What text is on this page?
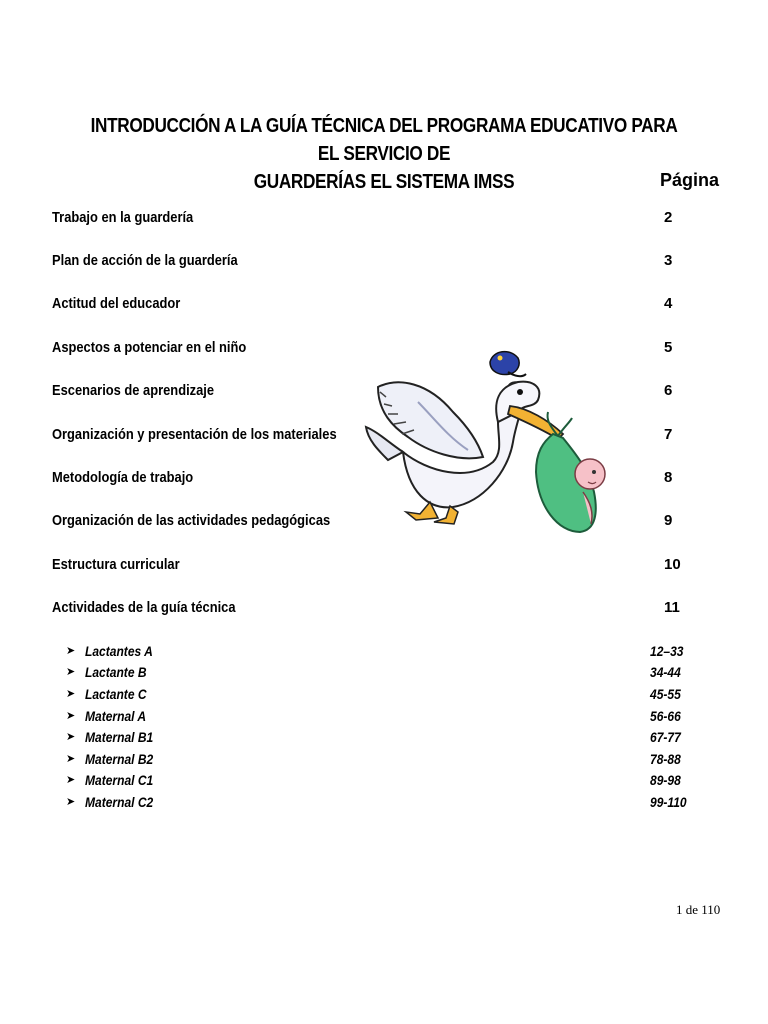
INTRODUCCIÓN A LA GUÍA TÉCNICA DEL PROGRAMA EDUCATIVO PARA EL SERVICIO DE
GUARDERÍAS EL SISTEMA IMSS	Página
Trabajo en la guardería	2
Plan de acción de la guardería	3
Actitud del educador	4
Aspectos a potenciar en el niño	5
Escenarios de aprendizaje	6
Organización y presentación de los materiales	7
Metodología de trabajo	8
Organización de las actividades pedagógicas	9
Estructura curricular	10
Actividades de la guía técnica	11
➤ Lactantes A	12–33
➤ Lactante B	34-44
➤ Lactante C	45-55
➤ Maternal A	56-66
➤ Maternal B1	67-77
➤ Maternal B2	78-88
➤ Maternal C1	89-98
➤ Maternal C2	99-110
1 de 110
